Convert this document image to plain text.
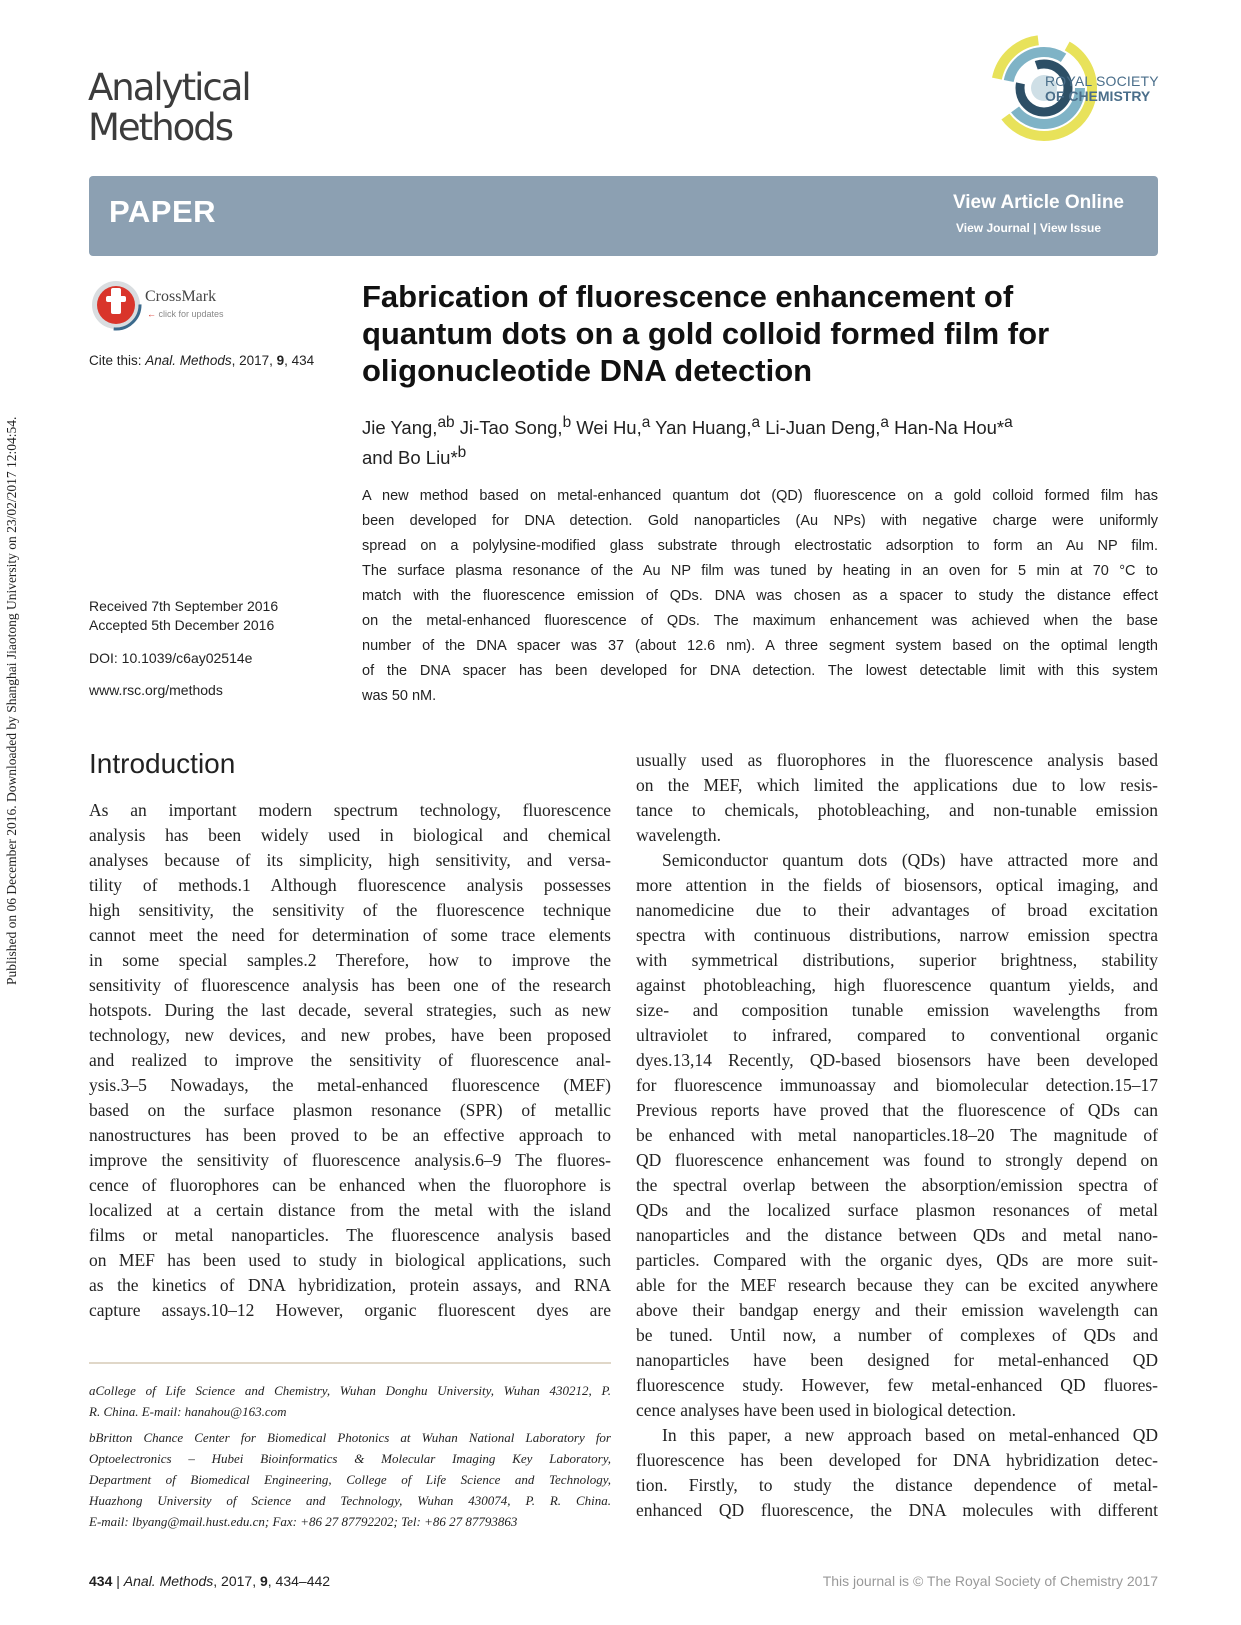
Published on 06 December 2016. Downloaded by Shanghai Jiaotong University on 23/02/2017 12:04:54.
Analytical
Methods
ROYAL SOCIETY
OF CHEMISTRY
PAPER	View Article Online
View Journal | View Issue
CrossMark
← click for updates
Cite this: Anal. Methods, 2017, 9, 434
Received 7th September 2016
Accepted 5th December 2016
DOI: 10.1039/c6ay02514e
www.rsc.org/methods
Fabrication of fluorescence enhancement of
quantum dots on a gold colloid formed film for
oligonucleotide DNA detection
Jie Yang,$^{ab}$ Ji-Tao Song,$^b$ Wei Hu,$^a$ Yan Huang,$^a$ Li-Juan Deng,$^a$ Han-Na Hou*$^a$
and Bo Liu*$^b$
A new method based on metal-enhanced quantum dot (QD) fluorescence on a gold colloid formed film has
been developed for DNA detection. Gold nanoparticles (Au NPs) with negative charge were uniformly
spread on a polylysine-modified glass substrate through electrostatic adsorption to form an Au NP film.
The surface plasma resonance of the Au NP film was tuned by heating in an oven for 5 min at 70 °C to
match with the fluorescence emission of QDs. DNA was chosen as a spacer to study the distance effect
on the metal-enhanced fluorescence of QDs. The maximum enhancement was achieved when the base
number of the DNA spacer was 37 (about 12.6 nm). A three segment system based on the optimal length
of the DNA spacer has been developed for DNA detection. The lowest detectable limit with this system
was 50 nM.
Introduction
As an important modern spectrum technology, fluorescence
analysis has been widely used in biological and chemical
analyses because of its simplicity, high sensitivity, and versa-
tility of methods.1 Although fluorescence analysis possesses
high sensitivity, the sensitivity of the fluorescence technique
cannot meet the need for determination of some trace elements
in some special samples.2 Therefore, how to improve the
sensitivity of fluorescence analysis has been one of the research
hotspots. During the last decade, several strategies, such as new
technology, new devices, and new probes, have been proposed
and realized to improve the sensitivity of fluorescence anal-
ysis.3–5 Nowadays, the metal-enhanced fluorescence (MEF)
based on the surface plasmon resonance (SPR) of metallic
nanostructures has been proved to be an effective approach to
improve the sensitivity of fluorescence analysis.6–9 The fluores-
cence of fluorophores can be enhanced when the fluorophore is
localized at a certain distance from the metal with the island
films or metal nanoparticles. The fluorescence analysis based
on MEF has been used to study in biological applications, such
as the kinetics of DNA hybridization, protein assays, and RNA
capture assays.10–12 However, organic fluorescent dyes are
usually used as fluorophores in the fluorescence analysis based
on the MEF, which limited the applications due to low resis-
tance to chemicals, photobleaching, and non-tunable emission
wavelength.
Semiconductor quantum dots (QDs) have attracted more and
more attention in the fields of biosensors, optical imaging, and
nanomedicine due to their advantages of broad excitation
spectra with continuous distributions, narrow emission spectra
with symmetrical distributions, superior brightness, stability
against photobleaching, high fluorescence quantum yields, and
size- and composition tunable emission wavelengths from
ultraviolet to infrared, compared to conventional organic
dyes.13,14 Recently, QD-based biosensors have been developed
for fluorescence immunoassay and biomolecular detection.15–17
Previous reports have proved that the fluorescence of QDs can
be enhanced with metal nanoparticles.18–20 The magnitude of
QD fluorescence enhancement was found to strongly depend on
the spectral overlap between the absorption/emission spectra of
QDs and the localized surface plasmon resonances of metal
nanoparticles and the distance between QDs and metal nano-
particles. Compared with the organic dyes, QDs are more suit-
able for the MEF research because they can be excited anywhere
above their bandgap energy and their emission wavelength can
be tuned. Until now, a number of complexes of QDs and
nanoparticles have been designed for metal-enhanced QD
fluorescence study. However, few metal-enhanced QD fluores-
cence analyses have been used in biological detection.
In this paper, a new approach based on metal-enhanced QD
fluorescence has been developed for DNA hybridization detec-
tion. Firstly, to study the distance dependence of metal-
enhanced QD fluorescence, the DNA molecules with different
aCollege of Life Science and Chemistry, Wuhan Donghu University, Wuhan 430212, P.
R. China. E-mail: hanahou@163.com
bBritton Chance Center for Biomedical Photonics at Wuhan National Laboratory for
Optoelectronics – Hubei Bioinformatics & Molecular Imaging Key Laboratory,
Department of Biomedical Engineering, College of Life Science and Technology,
Huazhong University of Science and Technology, Wuhan 430074, P. R. China.
E-mail: lbyang@mail.hust.edu.cn; Fax: +86 27 87792202; Tel: +86 27 87793863
434 | Anal. Methods, 2017, 9, 434–442	This journal is © The Royal Society of Chemistry 2017
